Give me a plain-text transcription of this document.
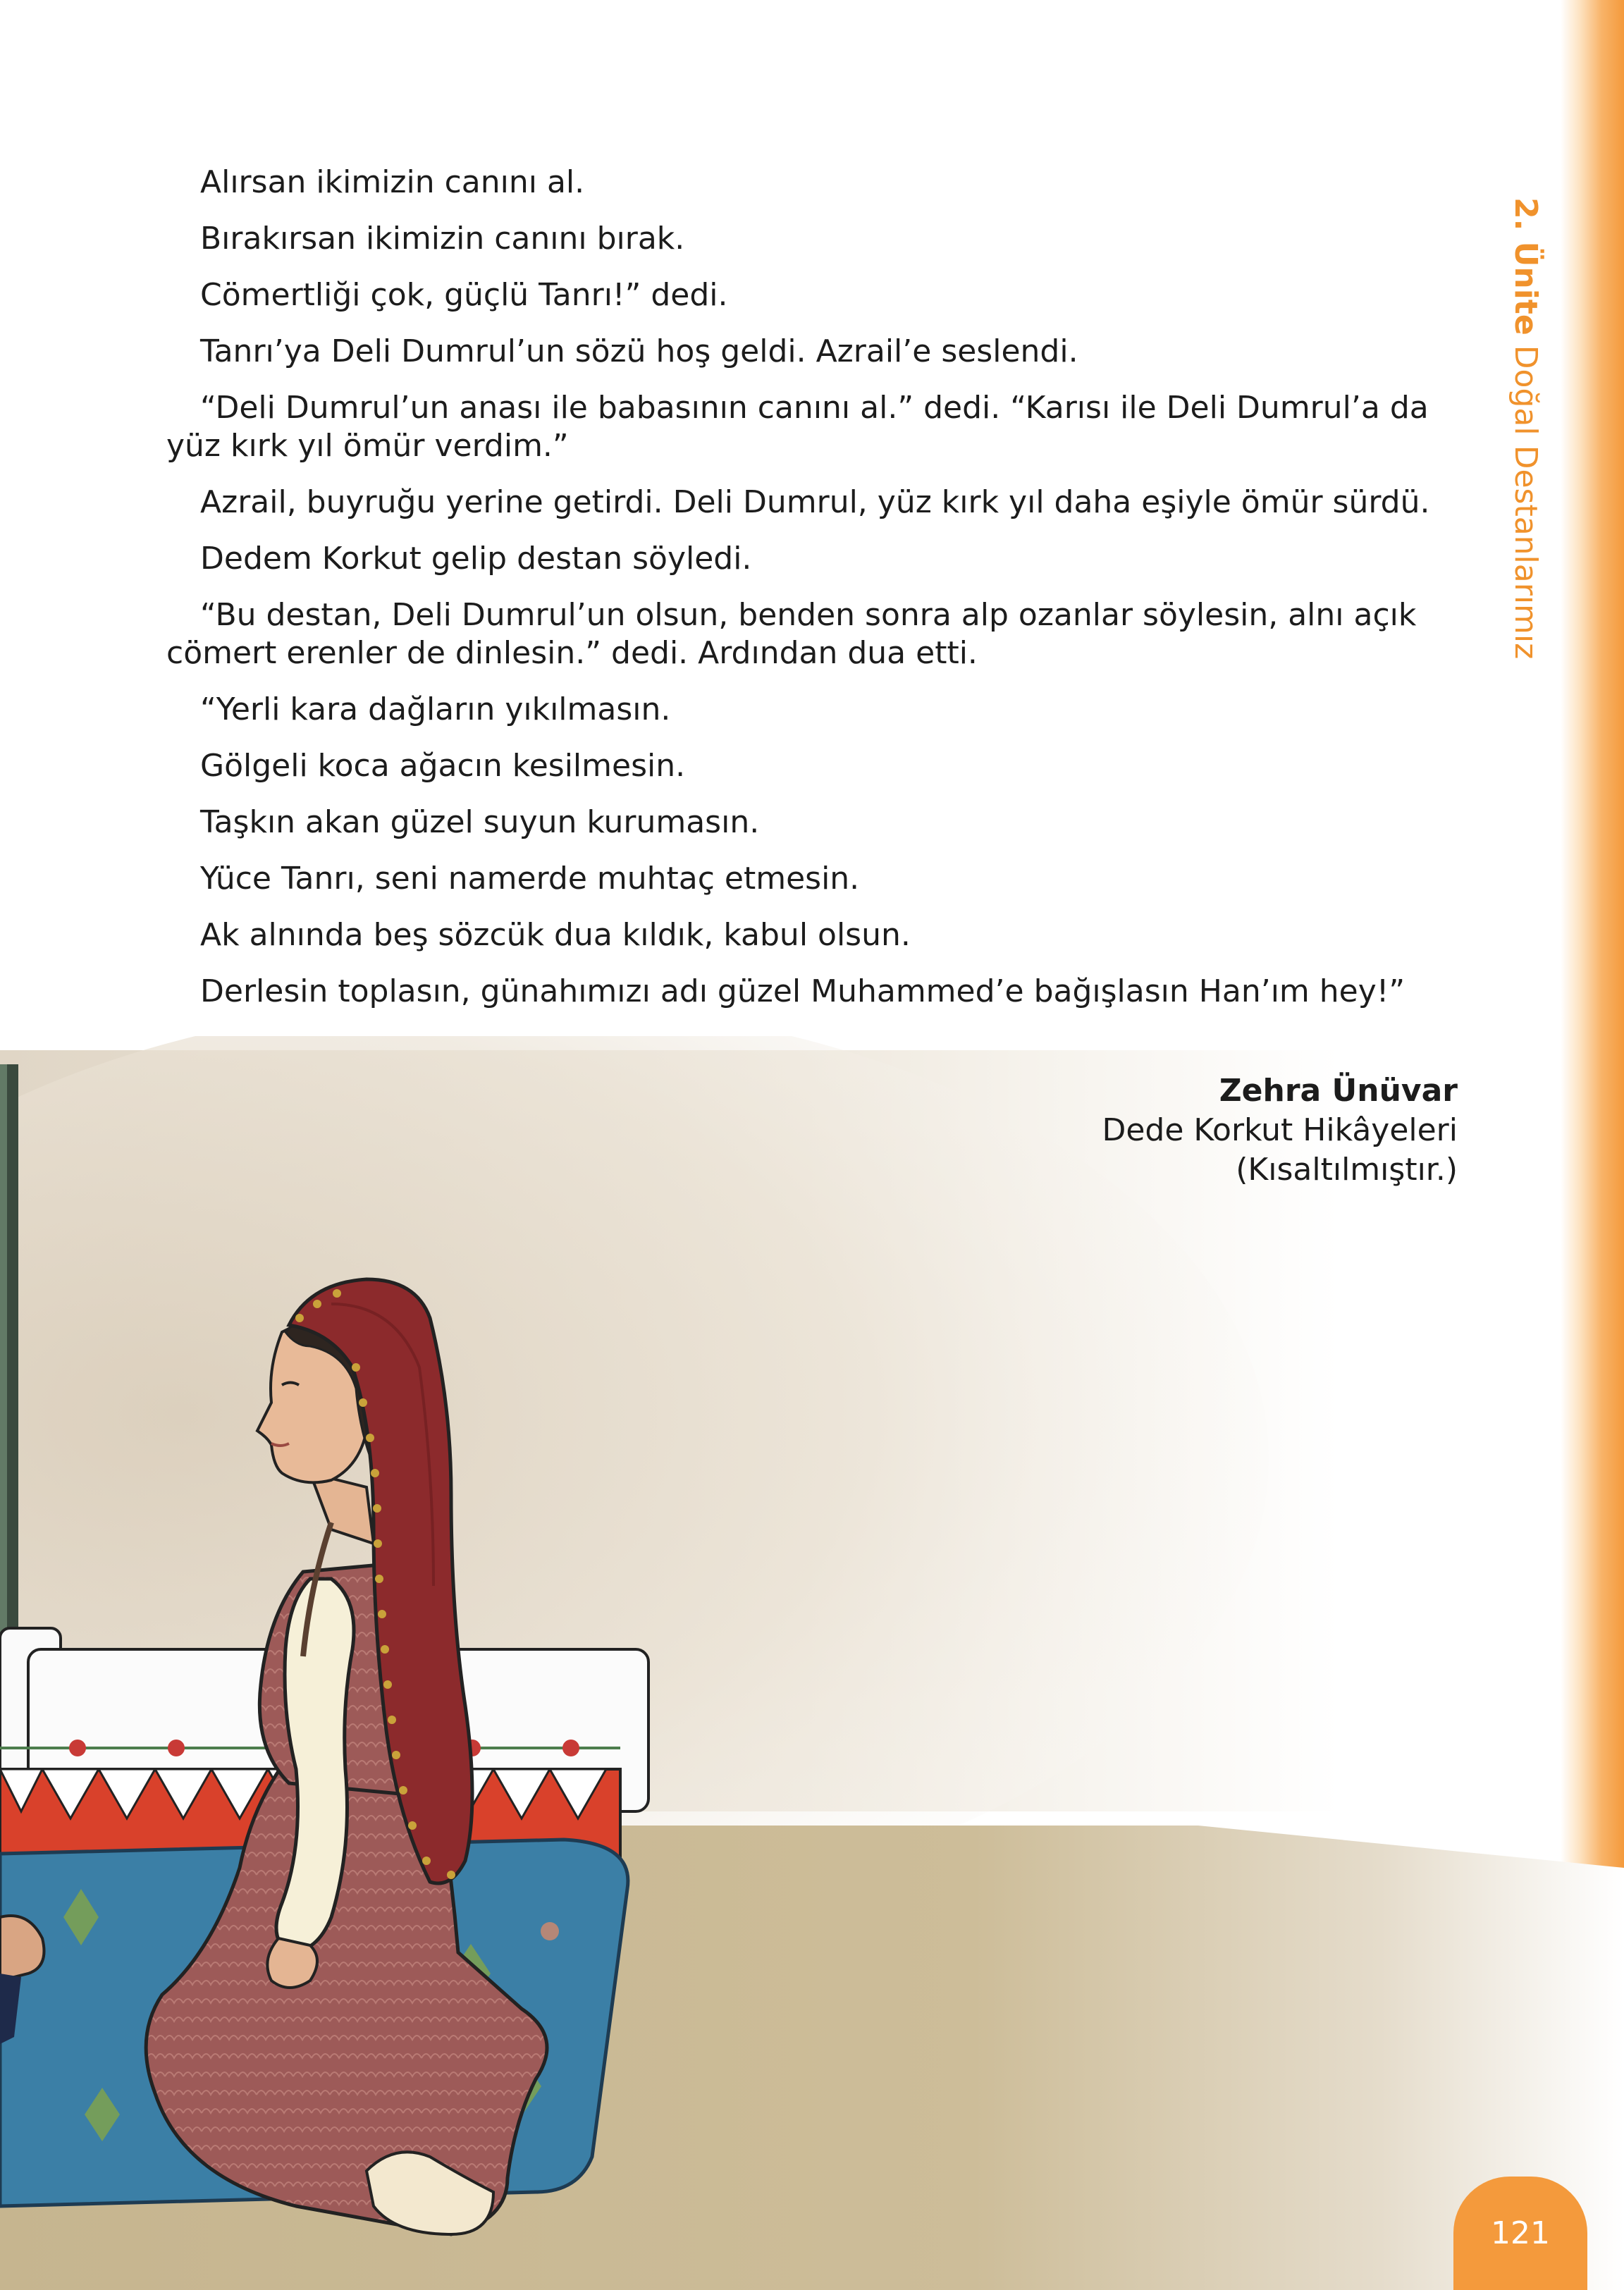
2. Ünite Doğal Destanlarımız

Alırsan ikimizin canını al.

Bırakırsan ikimizin canını bırak.

Cömertliği çok, güçlü Tanrı!” dedi.

Tanrı’ya Deli Dumrul’un sözü hoş geldi. Azrail’e seslendi.

“Deli Dumrul’un anası ile babasının canını al.” dedi. “Karısı ile Deli Dumrul’a da yüz kırk yıl ömür verdim.”

Azrail, buyruğu yerine getirdi. Deli Dumrul, yüz kırk yıl daha eşiyle ömür sürdü.

Dedem Korkut gelip destan söyledi.

“Bu destan, Deli Dumrul’un olsun, benden sonra alp ozanlar söylesin, alnı açık cömert erenler de dinlesin.” dedi. Ardından dua etti.

“Yerli kara dağların yıkılmasın.

Gölgeli koca ağacın kesilmesin.

Taşkın akan güzel suyun kurumasın.

Yüce Tanrı, seni namerde muhtaç etmesin.

Ak alnında beş sözcük dua kıldık, kabul olsun.

Derlesin toplasın, günahımızı adı güzel Muhammed’e bağışlasın Han’ım hey!”

Zehra Ünüvar
Dede Korkut Hikâyeleri
(Kısaltılmıştır.)
121
